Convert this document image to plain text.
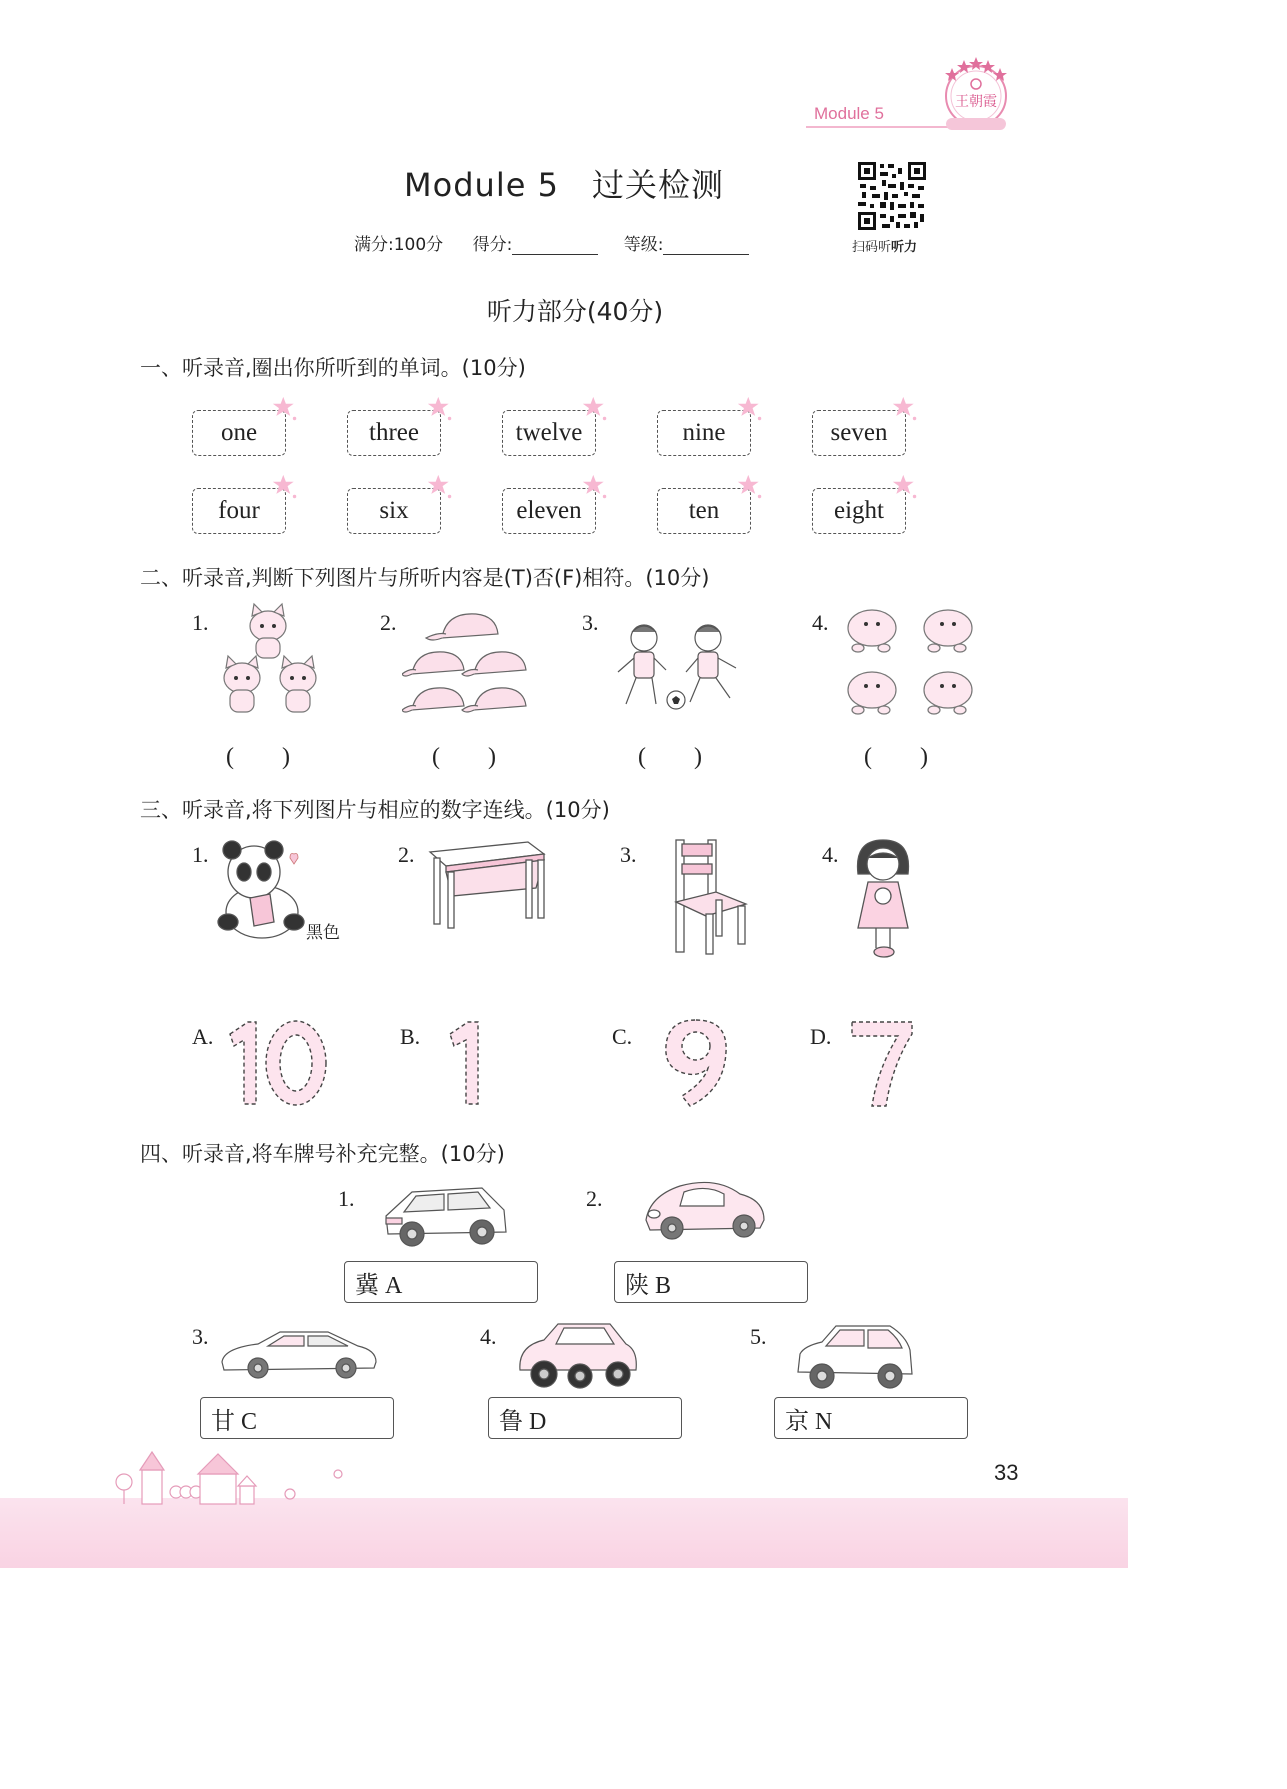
Module 5
王朝霞
Module 5　过关检测
扫码听听力
满分:100分 得分:	等级:
听力部分(40分)
一、听录音,圈出你所听到的单词。(10分)
one	three	twelve	nine	seven
four	six	eleven	ten	eight
二、听录音,判断下列图片与所听内容是(T)否(F)相符。(10分)
1.
(　　)
2.
(　　)
3.
(　　)
4.
(　　)
三、听录音,将下列图片与相应的数字连线。(10分)
1.
黑色
2.	3.	4.
A.
10
B.
1
C.
9
D.
7
四、听录音,将车牌号补充完整。(10分)
1.
冀 A
2.
陕 B
3.
甘 C
4.
鲁 D
5.
京 N
33
